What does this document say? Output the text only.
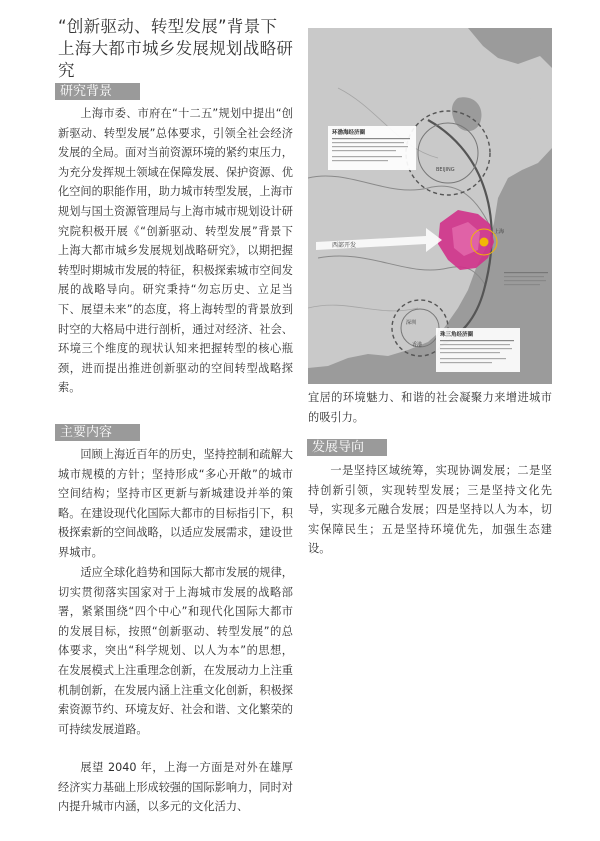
“创新驱动、转型发展”背景下
上海大都市城乡发展规划战略研究
研究背景

上海市委、市府在“十二五”规划中提出“创新驱动、转型发展”总体要求，引领全社会经济发展的全局。面对当前资源环境的紧约束压力，为充分发挥规土领域在保障发展、保护资源、优化空间的职能作用，助力城市转型发展，上海市规划与国土资源管理局与上海市城市规划设计研究院积极开展《“创新驱动、转型发展”背景下上海大都市城乡发展规划战略研究》，以期把握转型时期城市发展的特征，积极探索城市空间发展的战略导向。研究秉持“勿忘历史、立足当下、展望未来”的态度，将上海转型的背景放到时空的大格局中进行剖析，通过对经济、社会、环境三个维度的现状认知来把握转型的核心瓶颈，进而提出推进创新驱动的空间转型战略探索。

主要内容

回顾上海近百年的历史，坚持控制和疏解大城市规模的方针；坚持形成“多心开敞”的城市空间结构；坚持市区更新与新城建设并举的策略。在建设现代化国际大都市的目标指引下，积极探索新的空间战略，以适应发展需求，建设世界城市。

适应全球化趋势和国际大都市发展的规律，切实贯彻落实国家对于上海城市发展的战略部署，紧紧围绕“四个中心”和现代化国际大都市的发展目标，按照“创新驱动、转型发展”的总体要求，突出“科学规划、以人为本”的思想，在发展模式上注重理念创新，在发展动力上注重机制创新，在发展内涵上注重文化创新，积极探索资源节约、环境友好、社会和谐、文化繁荣的可持续发展道路。

展望 2040 年，上海一方面是对外在雄厚经济实力基础上形成较强的国际影响力，同时对内提升城市内涵，以多元的文化活力、

西部开发
环渤海经济圈
BEIJING
上海
珠三角经济圈
深圳
香港

宜居的环境魅力、和谐的社会凝聚力来增进城市的吸引力。

发展导向

一是坚持区域统筹，实现协调发展；二是坚持创新引领，实现转型发展；三是坚持文化先导，实现多元融合发展；四是坚持以人为本，切实保障民生；五是坚持环境优先，加强生态建设。
